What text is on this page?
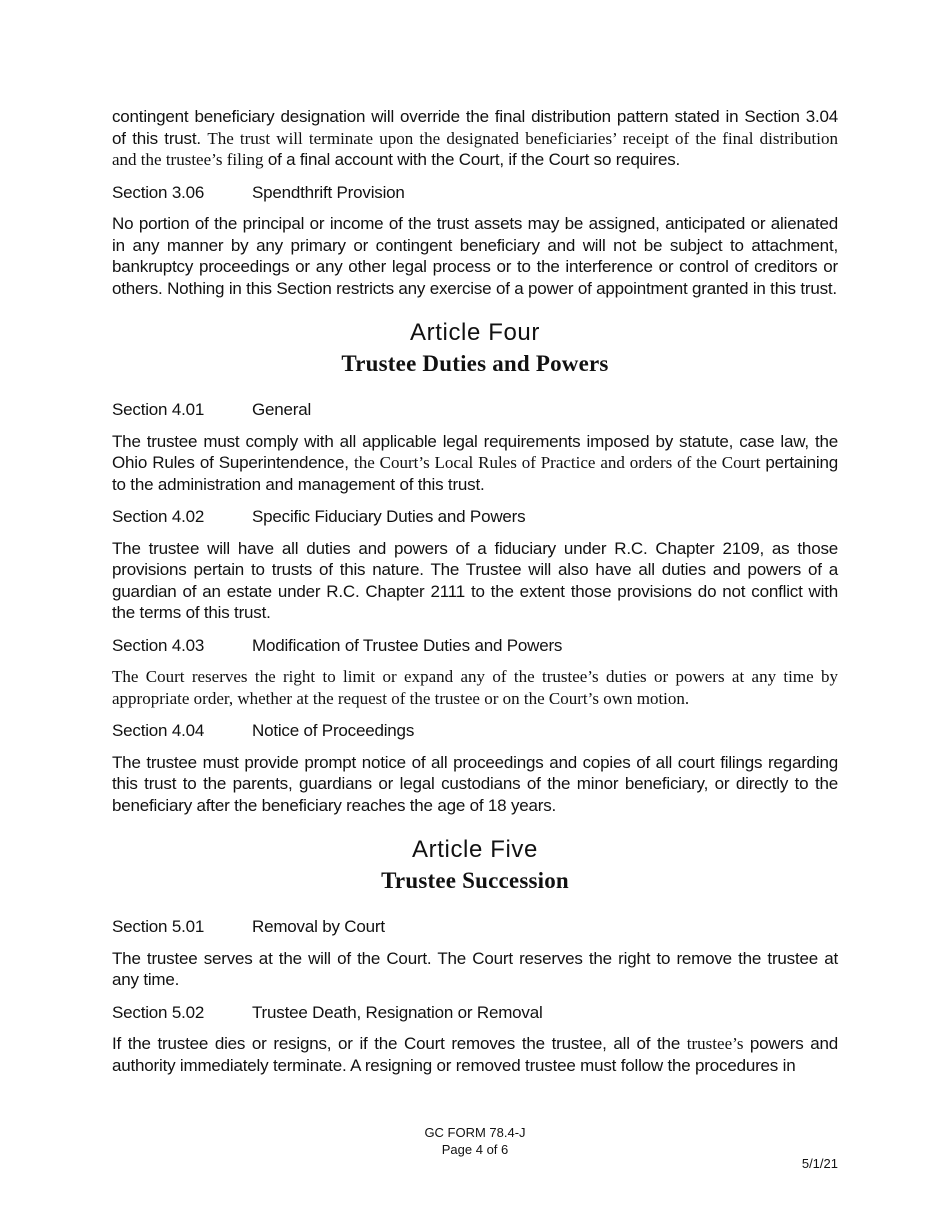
contingent beneficiary designation will override the final distribution pattern stated in Section 3.04 of this trust. The trust will terminate upon the designated beneficiaries’ receipt of the final distribution and the trustee’s filing of a final account with the Court, if the Court so requires.

Section 3.06	Spendthrift Provision

No portion of the principal or income of the trust assets may be assigned, anticipated or alienated in any manner by any primary or contingent beneficiary and will not be subject to attachment, bankruptcy proceedings or any other legal process or to the interference or control of creditors or others. Nothing in this Section restricts any exercise of a power of appointment granted in this trust.

Article Four
Trustee Duties and Powers
Section 4.01	General

The trustee must comply with all applicable legal requirements imposed by statute, case law, the Ohio Rules of Superintendence, the Court’s Local Rules of Practice and orders of the Court pertaining to the administration and management of this trust.

Section 4.02	Specific Fiduciary Duties and Powers

The trustee will have all duties and powers of a fiduciary under R.C. Chapter 2109, as those provisions pertain to trusts of this nature. The Trustee will also have all duties and powers of a guardian of an estate under R.C. Chapter 2111 to the extent those provisions do not conflict with the terms of this trust.

Section 4.03	Modification of Trustee Duties and Powers

The Court reserves the right to limit or expand any of the trustee’s duties or powers at any time by appropriate order, whether at the request of the trustee or on the Court’s own motion.

Section 4.04	Notice of Proceedings

The trustee must provide prompt notice of all proceedings and copies of all court filings regarding this trust to the parents, guardians or legal custodians of the minor beneficiary, or directly to the beneficiary after the beneficiary reaches the age of 18 years.

Article Five
Trustee Succession
Section 5.01	Removal by Court

The trustee serves at the will of the Court. The Court reserves the right to remove the trustee at any time.

Section 5.02	Trustee Death, Resignation or Removal

If the trustee dies or resigns, or if the Court removes the trustee, all of the trustee’s powers and authority immediately terminate. A resigning or removed trustee must follow the procedures in

GC FORM 78.4-J
Page 4 of 6
5/1/21
